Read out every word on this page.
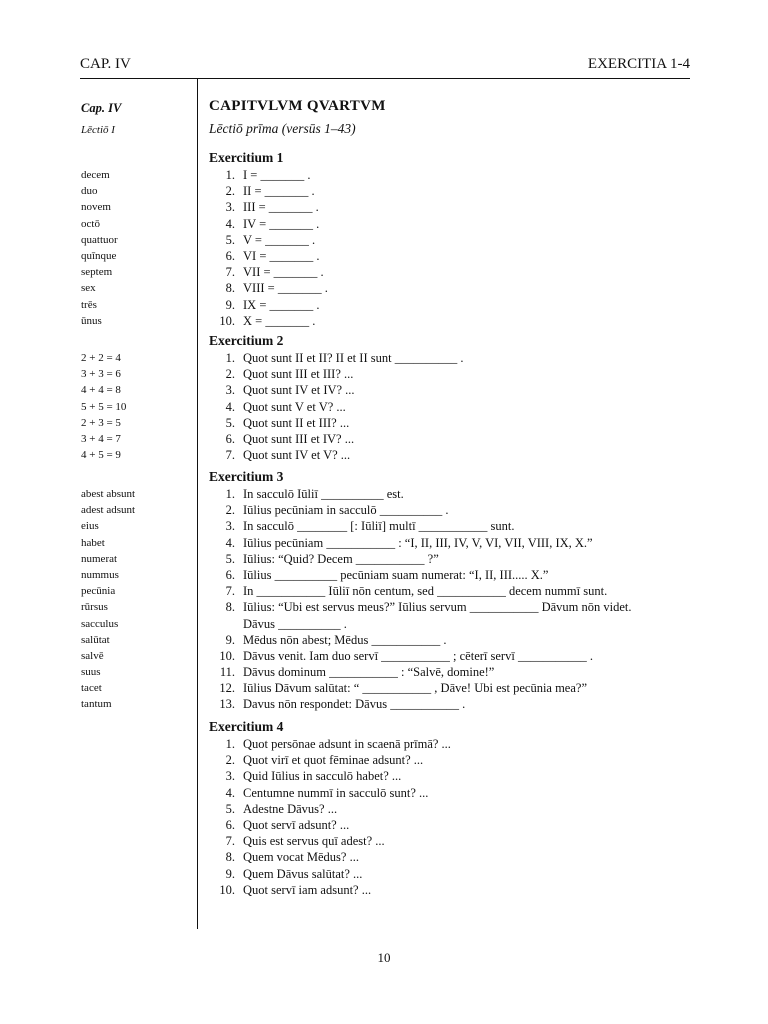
CAP. IV	EXERCITIA 1-4
Cap. IV
Lēctiō I
decem
duo
novem
octō
quattuor
quīnque
septem
sex
trēs
ūnus
2 + 2 = 4
3 + 3 = 6
4 + 4 = 8
5 + 5 = 10
2 + 3 = 5
3 + 4 = 7
4 + 5 = 9
abest absunt
adest adsunt
eius
habet
numerat
nummus
pecūnia
rūrsus
sacculus
salūtat
salvē
suus
tacet
tantum
CAPITVLVM QVARTVM
Lēctiō prīma (versūs 1–43)
Exercitium 1
1. I = _______ .
2. II = _______ .
3. III = _______ .
4. IV = _______ .
5. V = _______ .
6. VI = _______ .
7. VII = _______ .
8. VIII = _______ .
9. IX = _______ .
10. X = _______ .
Exercitium 2
1. Quot sunt II et II? II et II sunt __________ .
2. Quot sunt III et III? ...
3. Quot sunt IV et IV? ...
4. Quot sunt V et V? ...
5. Quot sunt II et III? ...
6. Quot sunt III et IV? ...
7. Quot sunt IV et V? ...
Exercitium 3
1. In sacculō Iūliī __________ est.
2. Iūlius pecūniam in sacculō __________ .
3. In sacculō ________ [: Iūliī] multī ___________ sunt.
4. Iūlius pecūniam ___________ : “I, II, III, IV, V, VI, VII, VIII, IX, X.”
5. Iūlius: “Quid? Decem ___________ ?”
6. Iūlius __________ pecūniam suam numerat: “I, II, III..... X.”
7. In ___________ Iūliī nōn centum, sed ___________ decem nummī sunt.
8. Iūlius: “Ubi est servus meus?” Iūlius servum ___________ Dāvum nōn videt.
Dāvus __________ .
9. Mēdus nōn abest; Mēdus ___________ .
10. Dāvus venit. Iam duo servī ___________ ; cēterī servī ___________ .
11. Dāvus dominum ___________ : “Salvē, domine!”
12. Iūlius Dāvum salūtat: “ ___________ , Dāve! Ubi est pecūnia mea?”
13. Davus nōn respondet: Dāvus ___________ .
Exercitium 4
1. Quot persōnae adsunt in scaenā prīmā? ...
2. Quot virī et quot fēminae adsunt? ...
3. Quid Iūlius in sacculō habet? ...
4. Centumne nummī in sacculō sunt? ...
5. Adestne Dāvus? ...
6. Quot servī adsunt? ...
7. Quis est servus quī adest? ...
8. Quem vocat Mēdus? ...
9. Quem Dāvus salūtat? ...
10. Quot servī iam adsunt? ...
10
